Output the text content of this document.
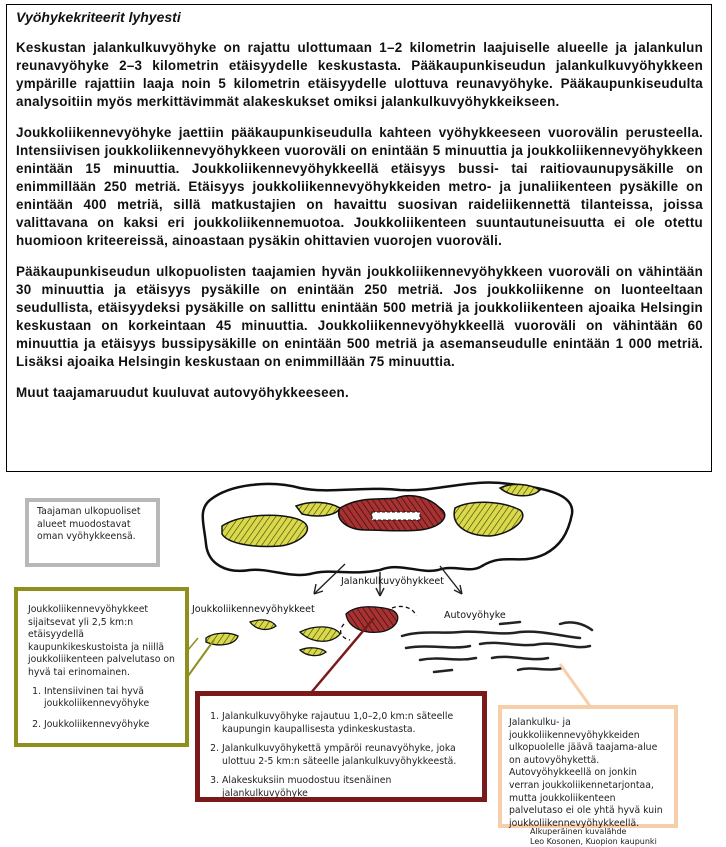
Vyöhykekriteerit lyhyesti

Keskustan jalankulkuvyöhyke on rajattu ulottumaan 1–2 kilometrin laajuiselle alueelle ja jalankulun reunavyöhyke 2–3 kilometrin etäisyydelle keskustasta. Pääkaupunkiseudun jalankulkuvyöhykkeen ympärille rajattiin laaja noin 5 kilometrin etäisyydelle ulottuva reunavyöhyke. Pääkaupunkiseudulta analysoitiin myös merkittävimmät alakeskukset omiksi jalankulkuvyöhykkeikseen.

Joukkoliikennevyöhyke jaettiin pääkaupunkiseudulla kahteen vyöhykkeeseen vuorovälin perusteella. Intensiivisen joukkoliikennevyöhykkeen vuoroväli on enintään 5 minuuttia ja joukkoliikennevyöhykkeen enintään 15 minuuttia. Joukkoliikennevyöhykkeellä etäisyys bussi- tai raitiovaunupysäkille on enimmillään 250 metriä. Etäisyys joukkoliikennevyöhykkeiden metro- ja junaliikenteen pysäkille on enintään 400 metriä, sillä matkustajien on havaittu suosivan raideliikennettä tilanteissa, joissa valittavana on kaksi eri joukkoliikennemuotoa. Joukkoliikenteen suuntautuneisuutta ei ole otettu huomioon kriteereissä, ainoastaan pysäkin ohittavien vuorojen vuoroväli.

Pääkaupunkiseudun ulkopuolisten taajamien hyvän joukkoliikennevyöhykkeen vuoroväli on vähintään 30 minuuttia ja etäisyys pysäkille on enintään 250 metriä. Jos joukkoliikenne on luonteeltaan seudullista, etäisyydeksi pysäkille on sallittu enintään 500 metriä ja joukkoliikenteen ajoaika Helsingin keskustaan on korkeintaan 45 minuuttia. Joukkoliikennevyöhykkeellä vuoroväli on vähintään 60 minuuttia ja etäisyys bussipysäkille on enintään 500 metriä ja asemanseudulle enintään 1 000 metriä. Lisäksi ajoaika Helsingin keskustaan on enimmillään 75 minuuttia.

Muut taajamaruudut kuuluvat autovyöhykkeeseen.

Jalankulkuvyöhykkeet
Joukkoliikennevyöhykkeet
Autovyöhyke
Taajaman ulkopuoliset alueet muodostavat oman vyöhykkeensä.
Joukkoliikennevyöhykkeet sijaitsevat yli 2,5 km:n etäisyydellä kaupunkikeskustoista ja niillä joukkoliikenteen palvelutaso on hyvä tai erinomainen.
1. Intensiivinen tai hyvä joukkoliikennevyöhyke
2. Joukkoliikennevyöhyke
1. Jalankulkuvyöhyke rajautuu 1,0–2,0 km:n säteelle kaupungin kaupallisesta ydinkeskustasta.
2. Jalankulkuvyöhykettä ympäröi reunavyöhyke, joka ulottuu 2-5 km:n säteelle jalankulkuvyöhykkeestä.
3. Alakeskuksiin muodostuu itsenäinen jalankulkuvyöhyke
Jalankulku- ja joukkoliikennevyöhykkeiden ulkopuolelle jäävä taajama-alue on autovyöhykettä. Autovyöhykkeellä on jonkin verran joukkoliikennetarjontaa, mutta joukkoliikenteen palvelutaso ei ole yhtä hyvä kuin joukkoliikennevyöhykkeellä.
Alkuperäinen kuvalähde
Leo Kosonen, Kuopion kaupunki
